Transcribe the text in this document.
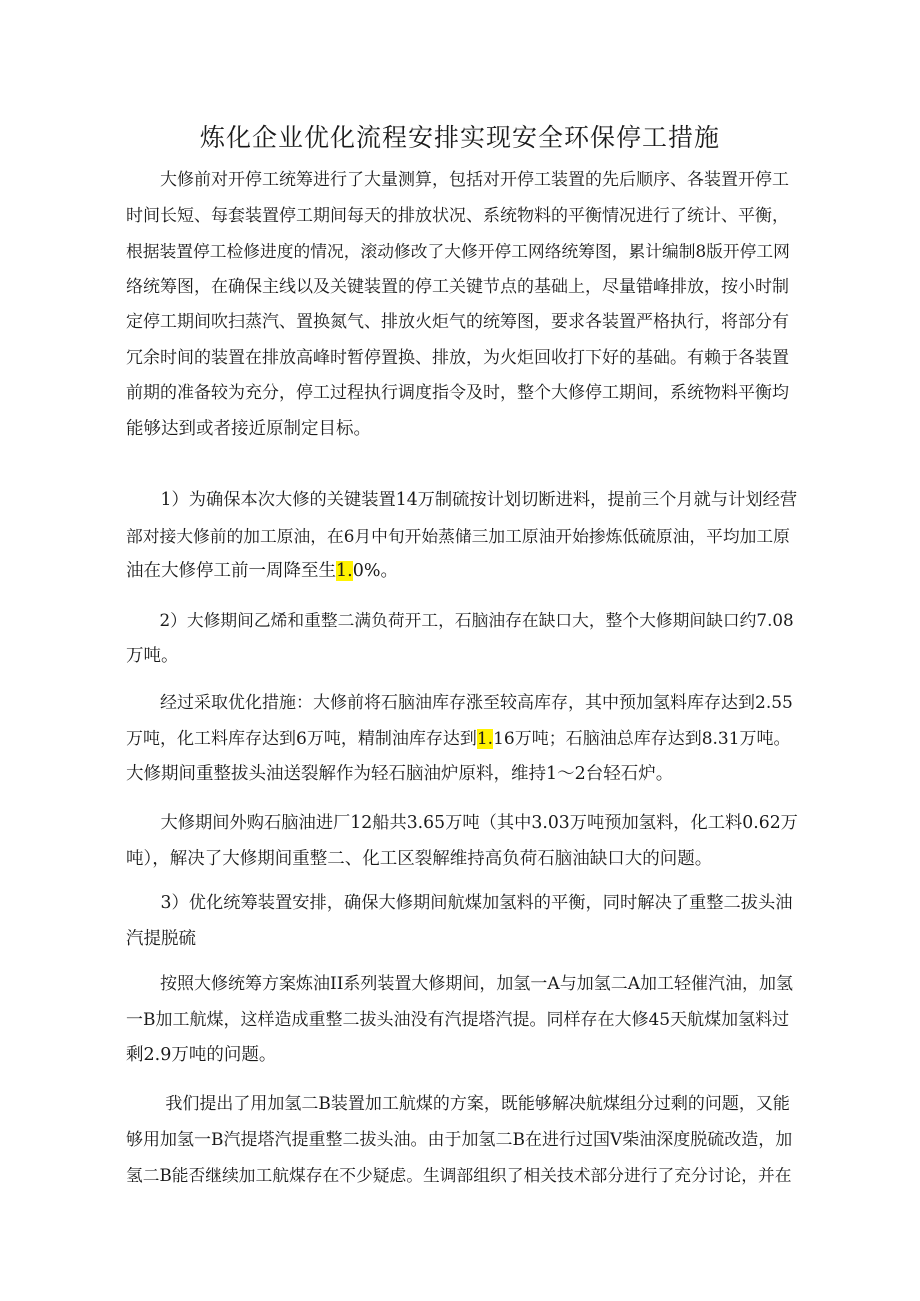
炼化企业优化流程安排实现安全环保停工措施
　　大修前对开停工统筹进行了大量测算，包括对开停工装置的先后顺序、各装置开停工
时间长短、每套装置停工期间每天的排放状况、系统物料的平衡情况进行了统计、平衡，
根据装置停工检修进度的情况，滚动修改了大修开停工网络统筹图，累计编制8版开停工网
络统筹图，在确保主线以及关键装置的停工关键节点的基础上，尽量错峰排放，按小时制
定停工期间吹扫蒸汽、置换氮气、排放火炬气的统筹图，要求各装置严格执行，将部分有
冗余时间的装置在排放高峰时暂停置换、排放，为火炬回收打下好的基础。有赖于各装置
前期的准备较为充分，停工过程执行调度指令及时，整个大修停工期间，系统物料平衡均
能够达到或者接近原制定目标。
　　1）为确保本次大修的关键装置14万制硫按计划切断进料，提前三个月就与计划经营
部对接大修前的加工原油，在6月中旬开始蒸储三加工原油开始掺炼低硫原油，平均加工原
油在大修停工前一周降至生1.0%。
　　2）大修期间乙烯和重整二满负荷开工，石脑油存在缺口大，整个大修期间缺口约7.08
万吨。
　　经过采取优化措施：大修前将石脑油库存涨至较高库存，其中预加氢料库存达到2.55
万吨，化工料库存达到6万吨，精制油库存达到1.16万吨；石脑油总库存达到8.31万吨。
大修期间重整拔头油送裂解作为轻石脑油炉原料，维持1～2台轻石炉。
　　大修期间外购石脑油进厂12船共3.65万吨（其中3.03万吨预加氢料，化工料0.62万
吨），解决了大修期间重整二、化工区裂解维持高负荷石脑油缺口大的问题。
　　3）优化统筹装置安排，确保大修期间航煤加氢料的平衡，同时解决了重整二拔头油
汽提脱硫
　　按照大修统筹方案炼油II系列装置大修期间，加氢一A与加氢二A加工轻催汽油，加氢
一B加工航煤，这样造成重整二拔头油没有汽提塔汽提。同样存在大修45天航煤加氢料过
剩2.9万吨的问题。
　　 我们提出了用加氢二B装置加工航煤的方案，既能够解决航煤组分过剩的问题，又能
够用加氢一B汽提塔汽提重整二拔头油。由于加氢二B在进行过国V柴油深度脱硫改造，加
氢二B能否继续加工航煤存在不少疑虑。生调部组织了相关技术部分进行了充分讨论，并在
